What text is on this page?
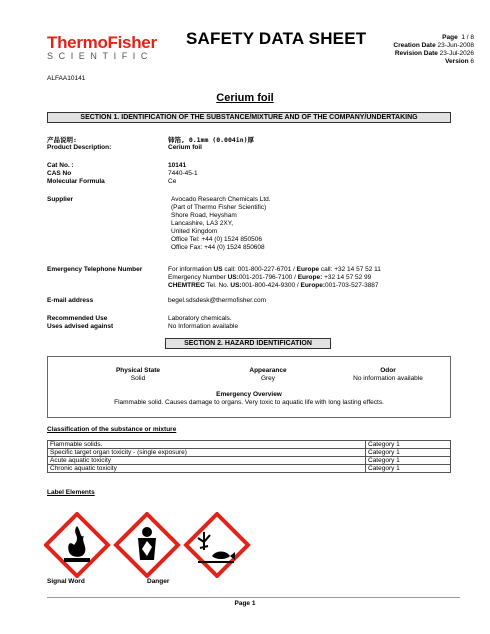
ThermoFisher
SCIENTIFIC
SAFETY DATA SHEET	Page 1 / 8
Creation Date 23-Jun-2008
Revision Date 23-Jul-2026
Version 6
ALFAA10141
Cerium foil
SECTION 1. IDENTIFICATION OF THE SUBSTANCE/MIXTURE AND OF THE COMPANY/UNDERTAKING
产品说明:	铈箔, 0.1mm (0.004in)厚
Product Description:	Cerium foil
Cat No. :	10141
CAS No	7440-45-1
Molecular Formula	Ce
Supplier	Avocado Research Chemicals Ltd.
(Part of Thermo Fisher Scientific)
Shore Road, Heysham
Lancashire, LA3 2XY,
United Kingdom
Office Tel: +44 (0) 1524 850506
Office Fax: +44 (0) 1524 850608
Emergency Telephone Number	For information US call: 001-800-227-6701 / Europe call: +32 14 57 52 11
Emergency Number US:001-201-796-7100 / Europe: +32 14 57 52 99
CHEMTREC Tel. No. US:001-800-424-9300 / Europe:001-703-527-3887
E-mail address	begel.sdsdesk@thermofisher.com
Recommended Use	Laboratory chemicals.
Uses advised against	No Information available
SECTION 2. HAZARD IDENTIFICATION
Physical State
Solid
Appearance
Grey
Odor
No information available
Emergency Overview
Flammable solid. Causes damage to organs. Very toxic to aquatic life with long lasting effects.
Classification of the substance or mixture
Flammable solids.	Category 1
Specific target organ toxicity - (single exposure)	Category 1
Acute aquatic toxicity	Category 1
Chronic aquatic toxicity	Category 1
Label Elements
Signal Word	Danger
Page 1
